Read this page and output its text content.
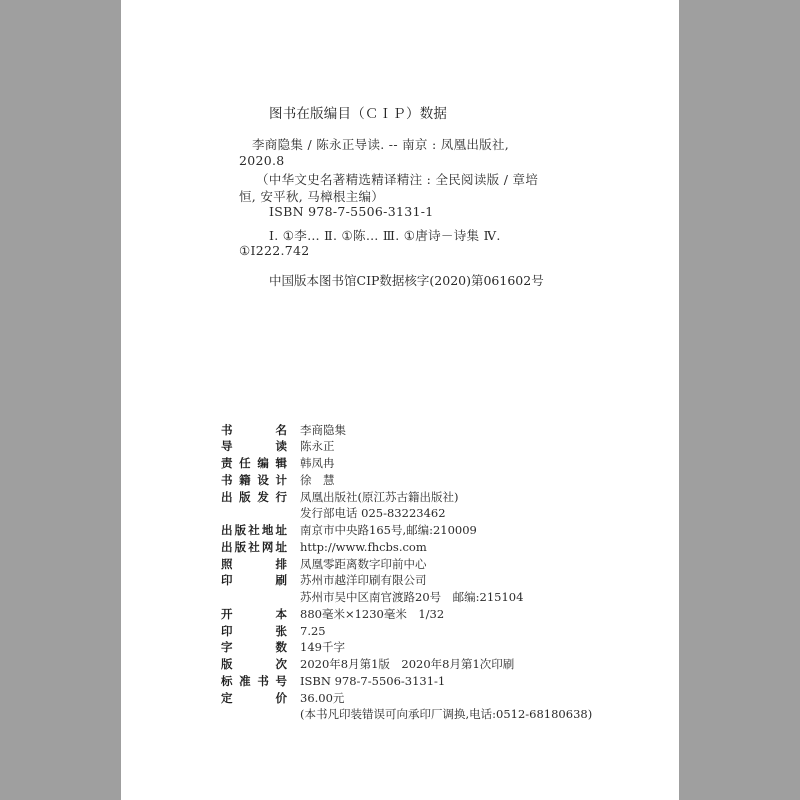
图书在版编目（ＣＩＰ）数据
李商隐集 / 陈永正导读. -- 南京 : 凤凰出版社,
2020.8
（中华文史名著精选精译精注 : 全民阅读版 / 章培
恒, 安平秋, 马樟根主编）
ISBN 978-7-5506-3131-1
Ⅰ. ①李… Ⅱ. ①陈… Ⅲ. ①唐诗－诗集 Ⅳ.
①I222.742
中国版本图书馆CIP数据核字(2020)第061602号
书	名 李商隐集
导	读 陈永正
责 任 编 辑 韩凤冉
书 籍 设 计 徐　慧
出 版 发 行 凤凰出版社(原江苏古籍出版社)
发行部电话 025-83223462
出 版 社 地 址 南京市中央路165号,邮编:210009
出 版 社 网 址 http://www.fhcbs.com
照	排 凤凰零距离数字印前中心
印	刷 苏州市越洋印刷有限公司
苏州市吴中区南官渡路20号　邮编:215104
开	本 880毫米×1230毫米　1/32
印	张 7.25
字	数 149千字
版	次 2020年8月第1版　2020年8月第1次印刷
标 准 书 号 ISBN 978-7-5506-3131-1
定	价 36.00元
(本书凡印装错误可向承印厂调换,电话:0512-68180638)
